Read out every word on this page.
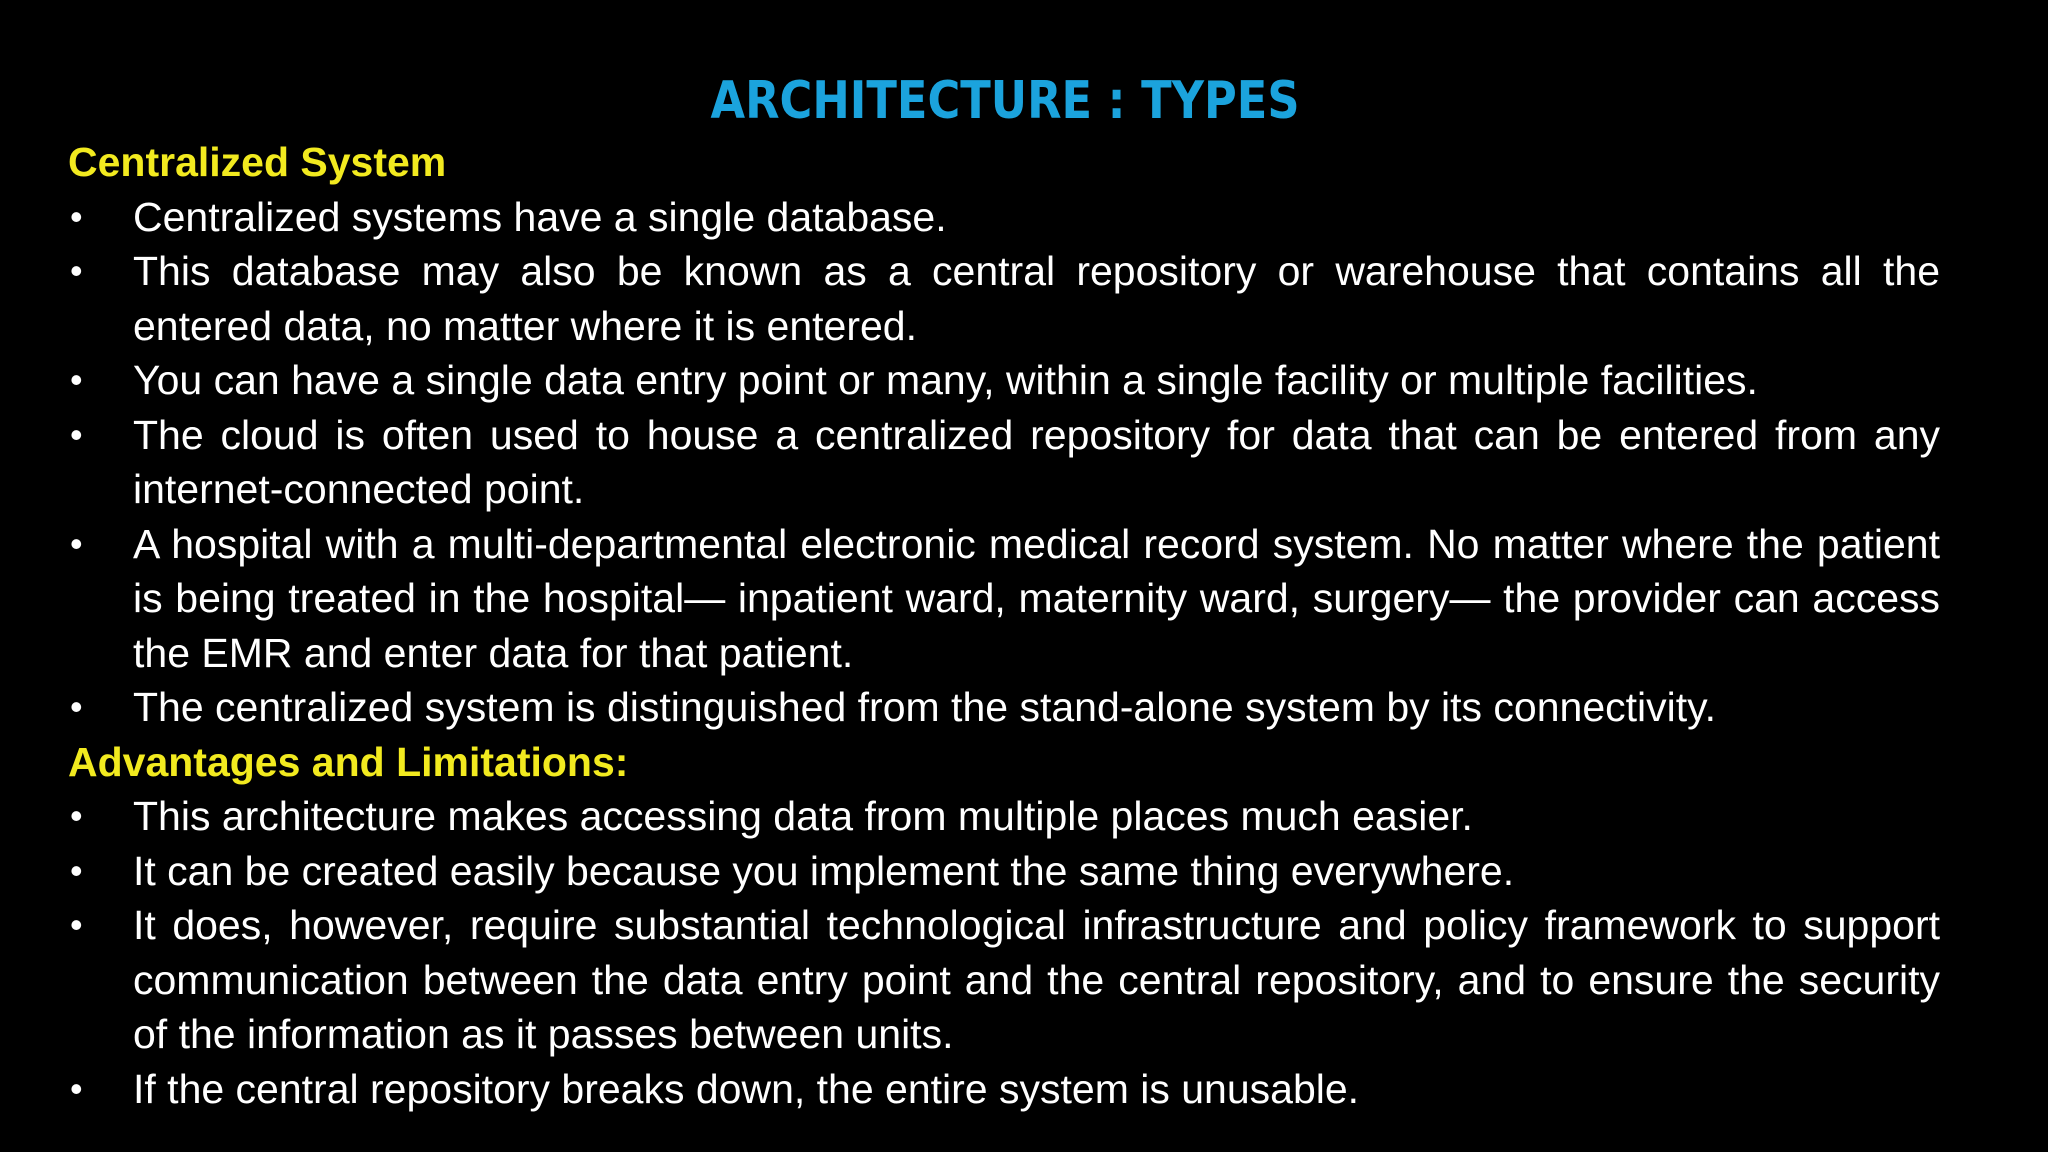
ARCHITECTURE : TYPES
Centralized System
• Centralized systems have a single database.
• This database may also be known as a central repository or warehouse that contains all the entered data, no matter where it is entered.
• You can have a single data entry point or many, within a single facility or multiple facilities.
• The cloud is often used to house a centralized repository for data that can be entered from any internet-connected point.
• A hospital with a multi-departmental electronic medical record system. No matter where the patient is being treated in the hospital— inpatient ward, maternity ward, surgery— the provider can access the EMR and enter data for that patient.
• The centralized system is distinguished from the stand-alone system by its connectivity.
Advantages and Limitations:
• This architecture makes accessing data from multiple places much easier.
• It can be created easily because you implement the same thing everywhere.
• It does, however, require substantial technological infrastructure and policy framework to support communication between the data entry point and the central repository, and to ensure the security of the information as it passes between units.
• If the central repository breaks down, the entire system is unusable.
